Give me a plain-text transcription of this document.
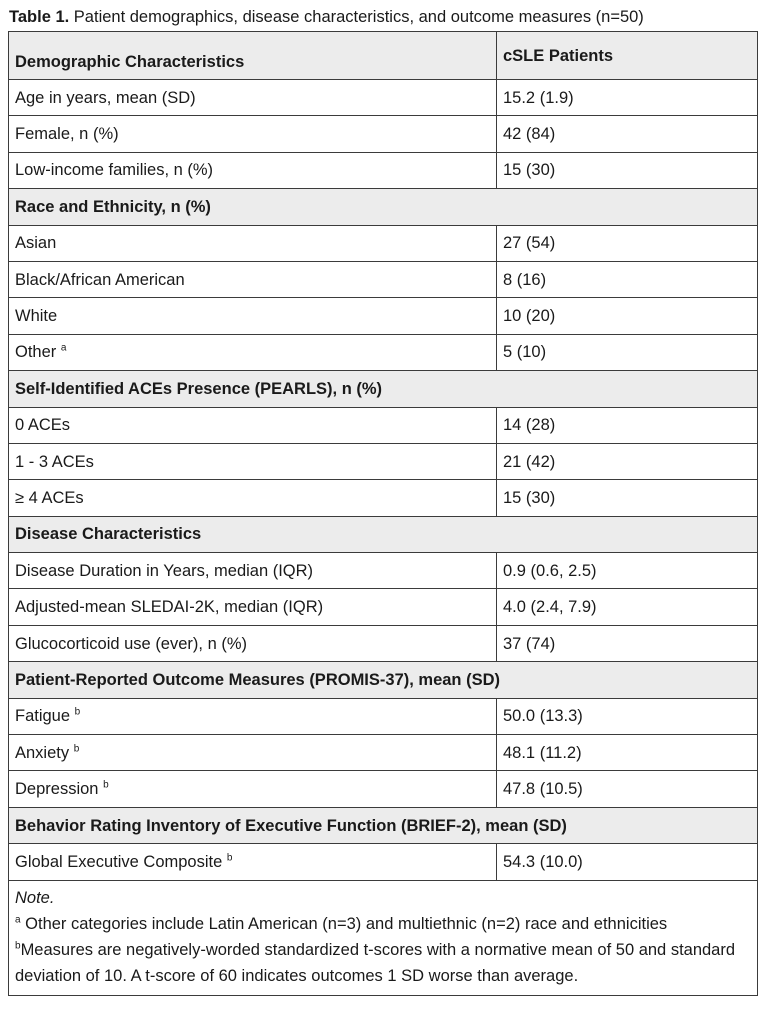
Table 1. Patient demographics, disease characteristics, and outcome measures (n=50)
Demographic Characteristics	cSLE Patients
Age in years, mean (SD)	15.2 (1.9)
Female, n (%)	42 (84)
Low-income families, n (%)	15 (30)
Race and Ethnicity, n (%)	
Asian	27 (54)
Black/African American	8 (16)
White	10 (20)
Other $^a$	5 (10)
Self-Identified ACEs Presence (PEARLS), n (%)	
0 ACEs	14 (28)
1 - 3 ACEs	21 (42)
≥ 4 ACEs	15 (30)
Disease Characteristics	
Disease Duration in Years, median (IQR)	0.9 (0.6, 2.5)
Adjusted-mean SLEDAI-2K, median (IQR)	4.0 (2.4, 7.9)
Glucocorticoid use (ever), n (%)	37 (74)
Patient-Reported Outcome Measures (PROMIS-37), mean (SD)	
Fatigue $^b$	50.0 (13.3)
Anxiety $^b$	48.1 (11.2)
Depression $^b$	47.8 (10.5)
Behavior Rating Inventory of Executive Function (BRIEF-2), mean (SD)	
Global Executive Composite $^b$	54.3 (10.0)

Note.
$^a$ Other categories include Latin American (n=3) and multiethnic (n=2) race and ethnicities
$^b$Measures are negatively-worded standardized t-scores with a normative mean of 50 and standard deviation of 10. A t-score of 60 indicates outcomes 1 SD worse than average.	
